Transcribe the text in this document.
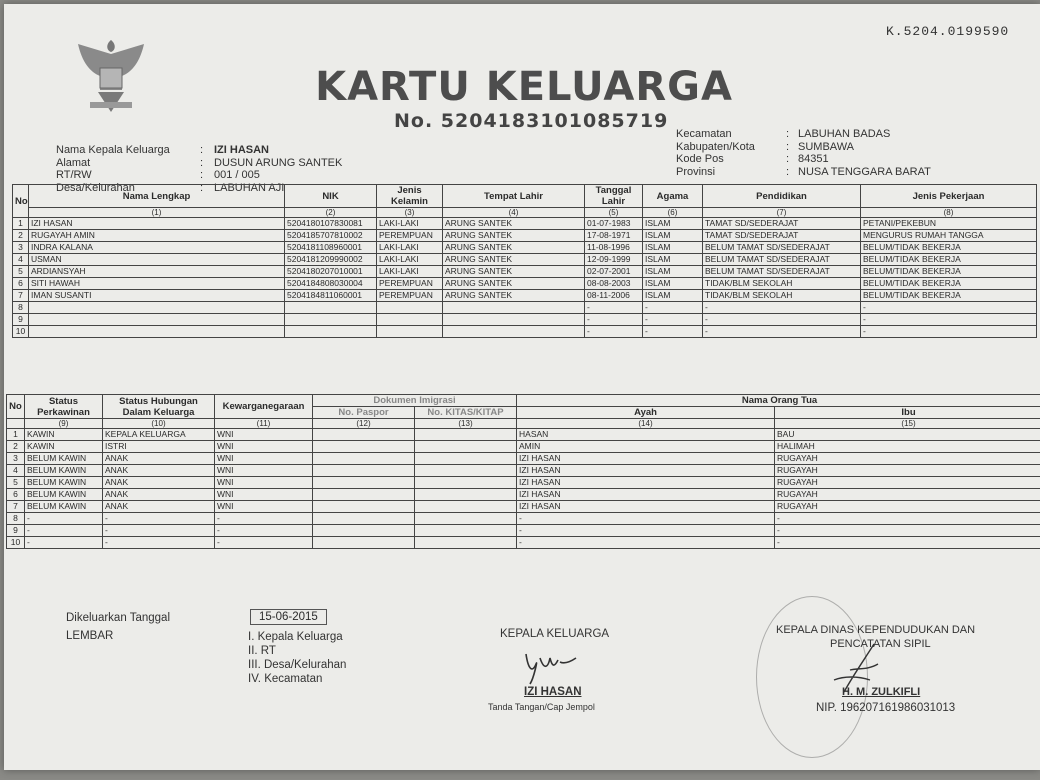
K.5204.0199590
KARTU KELUARGA
No. 5204183101085719
Nama Kepala Keluarga	: IZI HASAN
Alamat	: DUSUN ARUNG SANTEK
RT/RW	: 001 / 005
Desa/Kelurahan	: LABUHAN AJI
Kecamatan	: LABUHAN BADAS
Kabupaten/Kota	: SUMBAWA
Kode Pos	: 84351
Provinsi	: NUSA TENGGARA BARAT
No	Nama Lengkap	NIK	Jenis Kelamin	Tempat Lahir	Tanggal Lahir	Agama	Pendidikan	Jenis Pekerjaan
	(1)	(2)	(3)	(4)	(5)	(6)	(7)	(8)
1	IZI HASAN	5204180107830081	LAKI-LAKI	ARUNG SANTEK	01-07-1983	ISLAM	TAMAT SD/SEDERAJAT	PETANI/PEKEBUN
2	RUGAYAH AMIN	5204185707810002	PEREMPUAN	ARUNG SANTEK	17-08-1971	ISLAM	TAMAT SD/SEDERAJAT	MENGURUS RUMAH TANGGA
3	INDRA KALANA	5204181108960001	LAKI-LAKI	ARUNG SANTEK	11-08-1996	ISLAM	BELUM TAMAT SD/SEDERAJAT	BELUM/TIDAK BEKERJA
4	USMAN	5204181209990002	LAKI-LAKI	ARUNG SANTEK	12-09-1999	ISLAM	BELUM TAMAT SD/SEDERAJAT	BELUM/TIDAK BEKERJA
5	ARDIANSYAH	5204180207010001	LAKI-LAKI	ARUNG SANTEK	02-07-2001	ISLAM	BELUM TAMAT SD/SEDERAJAT	BELUM/TIDAK BEKERJA
6	SITI HAWAH	5204184808030004	PEREMPUAN	ARUNG SANTEK	08-08-2003	ISLAM	TIDAK/BLM SEKOLAH	BELUM/TIDAK BEKERJA
7	IMAN SUSANTI	5204184811060001	PEREMPUAN	ARUNG SANTEK	08-11-2006	ISLAM	TIDAK/BLM SEKOLAH	BELUM/TIDAK BEKERJA
8					-	-	-	-
9					-	-	-	-
10					-	-	-	-
No	Status Perkawinan	Status Hubungan Dalam Keluarga	Kewarganegaraan	Dokumen Imigrasi		Nama Orang Tua	
				No. Paspor	No. KITAS/KITAP	Ayah	Ibu
	(9)	(10)	(11)	(12)	(13)	(14)	(15)
1	KAWIN	KEPALA KELUARGA	WNI			HASAN	BAU
2	KAWIN	ISTRI	WNI			AMIN	HALIMAH
3	BELUM KAWIN	ANAK	WNI			IZI HASAN	RUGAYAH
4	BELUM KAWIN	ANAK	WNI			IZI HASAN	RUGAYAH
5	BELUM KAWIN	ANAK	WNI			IZI HASAN	RUGAYAH
6	BELUM KAWIN	ANAK	WNI			IZI HASAN	RUGAYAH
7	BELUM KAWIN	ANAK	WNI			IZI HASAN	RUGAYAH
8	-	-	-			-	-
9	-	-	-			-	-
10	-	-	-			-	-
Dikeluarkan Tanggal	15-06-2015
LEMBAR	I. Kepala Keluarga
II. RT
III. Desa/Kelurahan
IV. Kecamatan
KEPALA KELUARGA
IZI HASAN
Tanda Tangan/Cap Jempol
KEPALA DINAS KEPENDUDUKAN DAN
PENCATATAN SIPIL
H. M. ZULKIFLI
NIP. 196207161986031013
